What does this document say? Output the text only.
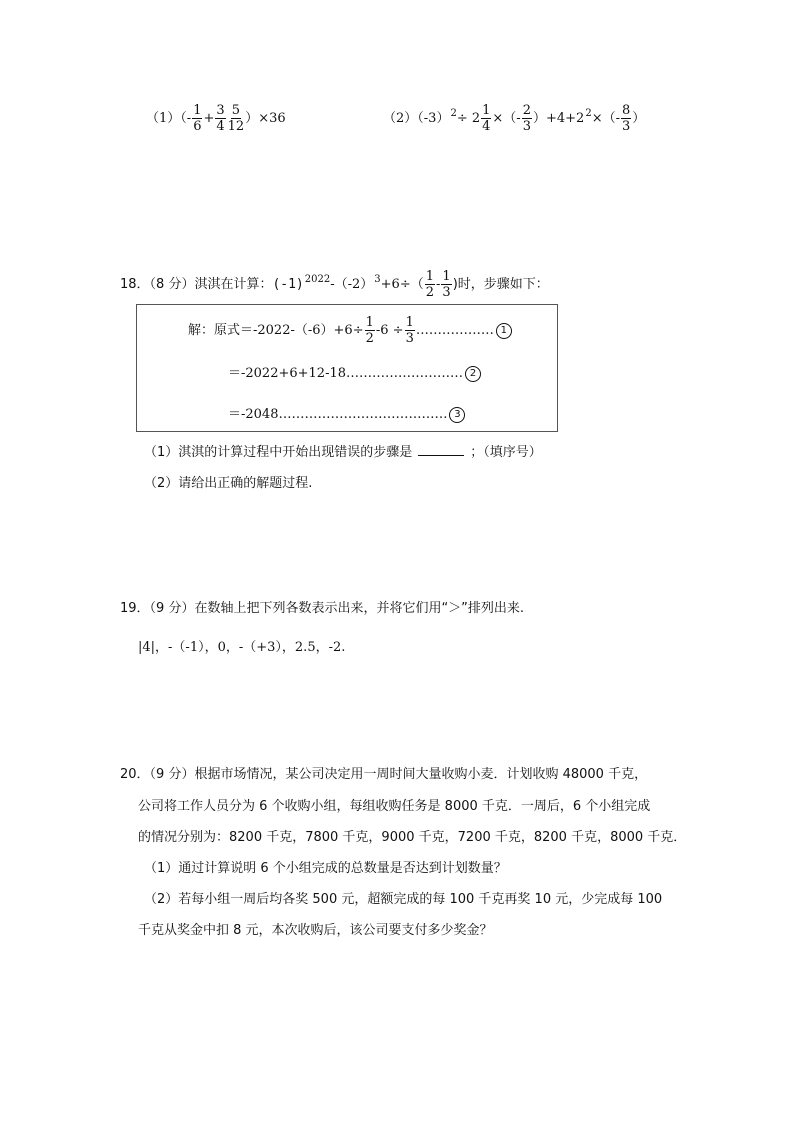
$(1)(- \frac{1}{6} + \frac{3}{4} \frac{5}{12} )\times 36$	$(2)(-3)^2\div 2 \frac{1}{4}$ ×（- $\frac{2}{3} )+4+2^2\times(- \frac{8}{3}$ ）
18．（8 分）淇淇在计算：$(-1)^{2022}-(-2)^3+6\div( \frac{1}{2} - \frac{1}{3}$ )时，步骤如下：
解：原式$=-2022-(-6)+6\div \frac{1}{2} -6 \div \frac{1}{3}$ ……………… 1
＝-2022+6+12-18……………………… 2
＝-2048………………………………… 3
（1）淇淇的计算过程中开始出现错误的步骤是	；（填序号）
（2）请给出正确的解题过程.
19．（9 分）在数轴上把下列各数表示出来，并将它们用“＞”排列出来.
|4|，-（-1），0，-（+3），2.5，-2.
20．（9 分）根据市场情况，某公司决定用一周时间大量收购小麦．计划收购 48000 千克，
公司将工作人员分为 6 个收购小组，每组收购任务是 8000 千克．一周后，6 个小组完成
的情况分别为：8200 千克，7800 千克，9000 千克，7200 千克，8200 千克，8000 千克．
（1）通过计算说明 6 个小组完成的总数量是否达到计划数量？
（2）若每小组一周后均各奖 500 元，超额完成的每 100 千克再奖 10 元，少完成每 100
千克从奖金中扣 8 元，本次收购后，该公司要支付多少奖金？
